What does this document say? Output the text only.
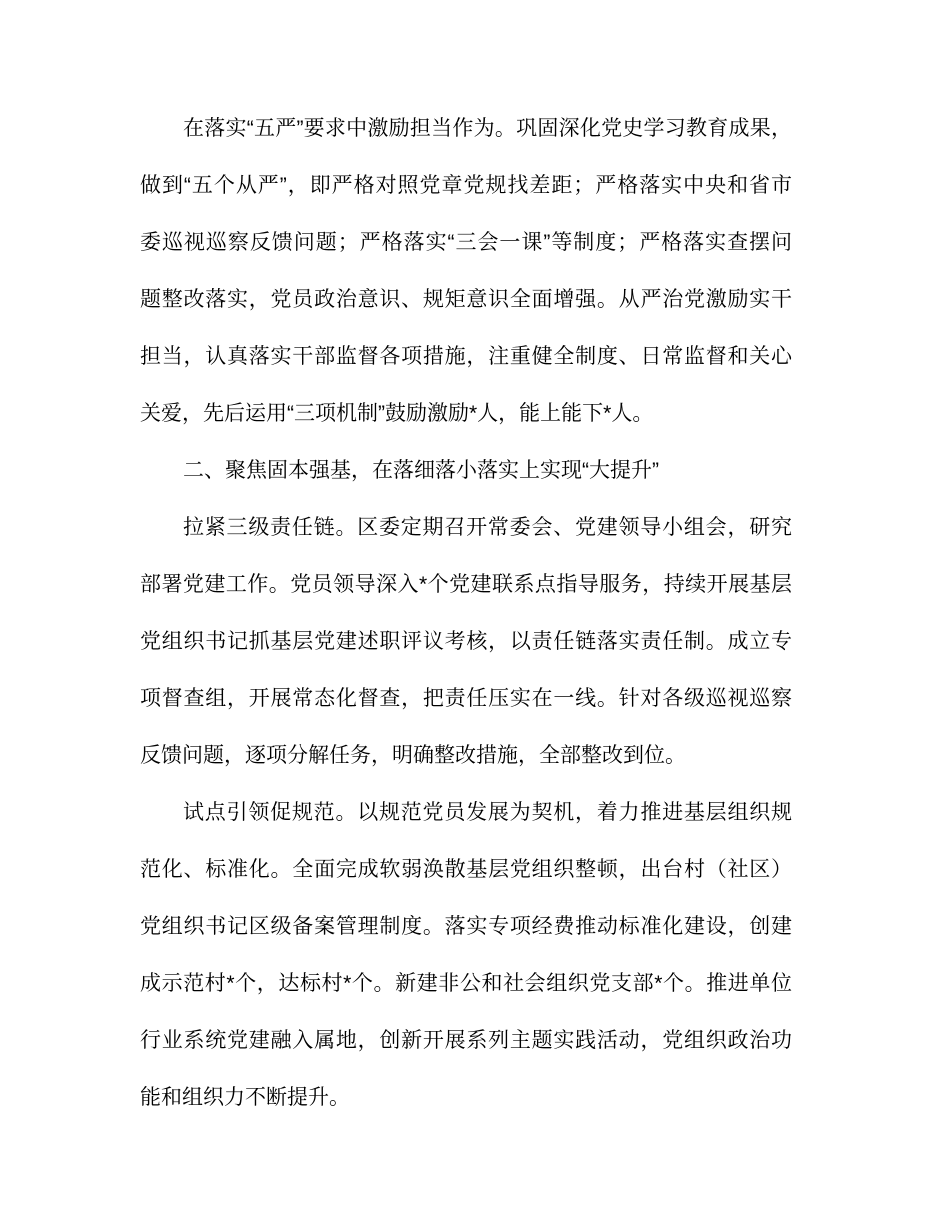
在落实“五严”要求中激励担当作为。巩固深化党史学习教育成果，
做到“五个从严”，即严格对照党章党规找差距；严格落实中央和省市
委巡视巡察反馈问题；严格落实“三会一课”等制度；严格落实查摆问
题整改落实，党员政治意识、规矩意识全面增强。从严治党激励实干
担当，认真落实干部监督各项措施，注重健全制度、日常监督和关心
关爱，先后运用“三项机制”鼓励激励*人，能上能下*人。
二、聚焦固本强基，在落细落小落实上实现“大提升”
拉紧三级责任链。区委定期召开常委会、党建领导小组会，研究
部署党建工作。党员领导深入*个党建联系点指导服务，持续开展基层
党组织书记抓基层党建述职评议考核，以责任链落实责任制。成立专
项督查组，开展常态化督查，把责任压实在一线。针对各级巡视巡察
反馈问题，逐项分解任务，明确整改措施，全部整改到位。
试点引领促规范。以规范党员发展为契机，着力推进基层组织规
范化、标准化。全面完成软弱涣散基层党组织整顿，出台村（社区）
党组织书记区级备案管理制度。落实专项经费推动标准化建设，创建
成示范村*个，达标村*个。新建非公和社会组织党支部*个。推进单位
行业系统党建融入属地，创新开展系列主题实践活动，党组织政治功
能和组织力不断提升。
